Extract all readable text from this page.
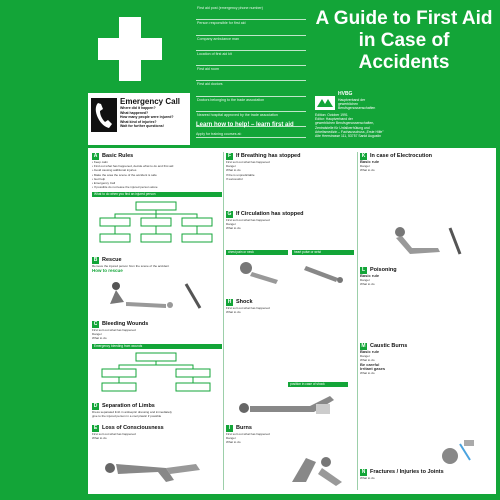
First aid post (emergency phone number)
Person responsible for first aid
Company ambulance man
Location of first aid kit
First aid room
First aid doctors
Doctors belonging to the trade association
Nearest hospital approved by the trade association
Learn how to help! – learn first aid
Apply for training courses at:
A Guide to First Aid in Case of Accidents
HVBG
Hauptverband der gewerblichen Berufsgenossenschaften
Edition: October 1991
Editor: Hauptverband der
gewerblichen Berufsgenossenschaften,
Zentralstelle für Unfallverhütung und
Arbeitsmedizin – Fachausschuss „Erste Hilfe"
Alte Heerstrasse 111, 53757 Sankt Augustin
Emergency Call
Where did it happen?
What happened?
How many people were injured?
What kind of injuries?
Wait for further questions!
A Basic Rules
• Keep calm
• Find out what has happened, decide what to do and first aid
• Avoid causing additional injuries
• Make the area the scene of the accident is safe
• Get help
• Emergency Call
• If possible do not leave the injured person alone
What to do when you find an injured person
B Rescue
Remove the injured person from the scene of the accident
How to rescue
C Bleeding Wounds
First sort out what has happened
Danger
What to do
Emergency bleeding from wounds
D Separation of Limbs
Dress separated limb in antiseptic dressing and immediately
give to the injured person in a cool plastic if possible
E Loss of Consciousness
First sort out what has happened
What to do
F If Breathing has stopped
First sort out what has happened
Danger
What to do
If the is unpredictable
If successful
G If Circulation has stopped
First sort out what has happened
Danger
What to do
chest pain or neck	heart pulse or wrist
H Shock
First sort out what has happened
What to do
position in case of shock
I	Burns
First sort out what has happened
Danger
What to do
K In case of Electrocution
Basic rule
Danger
What to do
L Poisoning
Basic rule
Danger
What to do
M Caustic Burns
Basic rule
Danger
What to do
Be careful
Irritant gases
What to do
N Fractures / Injuries to Joints
What to do
The diagrams were provided by the person with care
